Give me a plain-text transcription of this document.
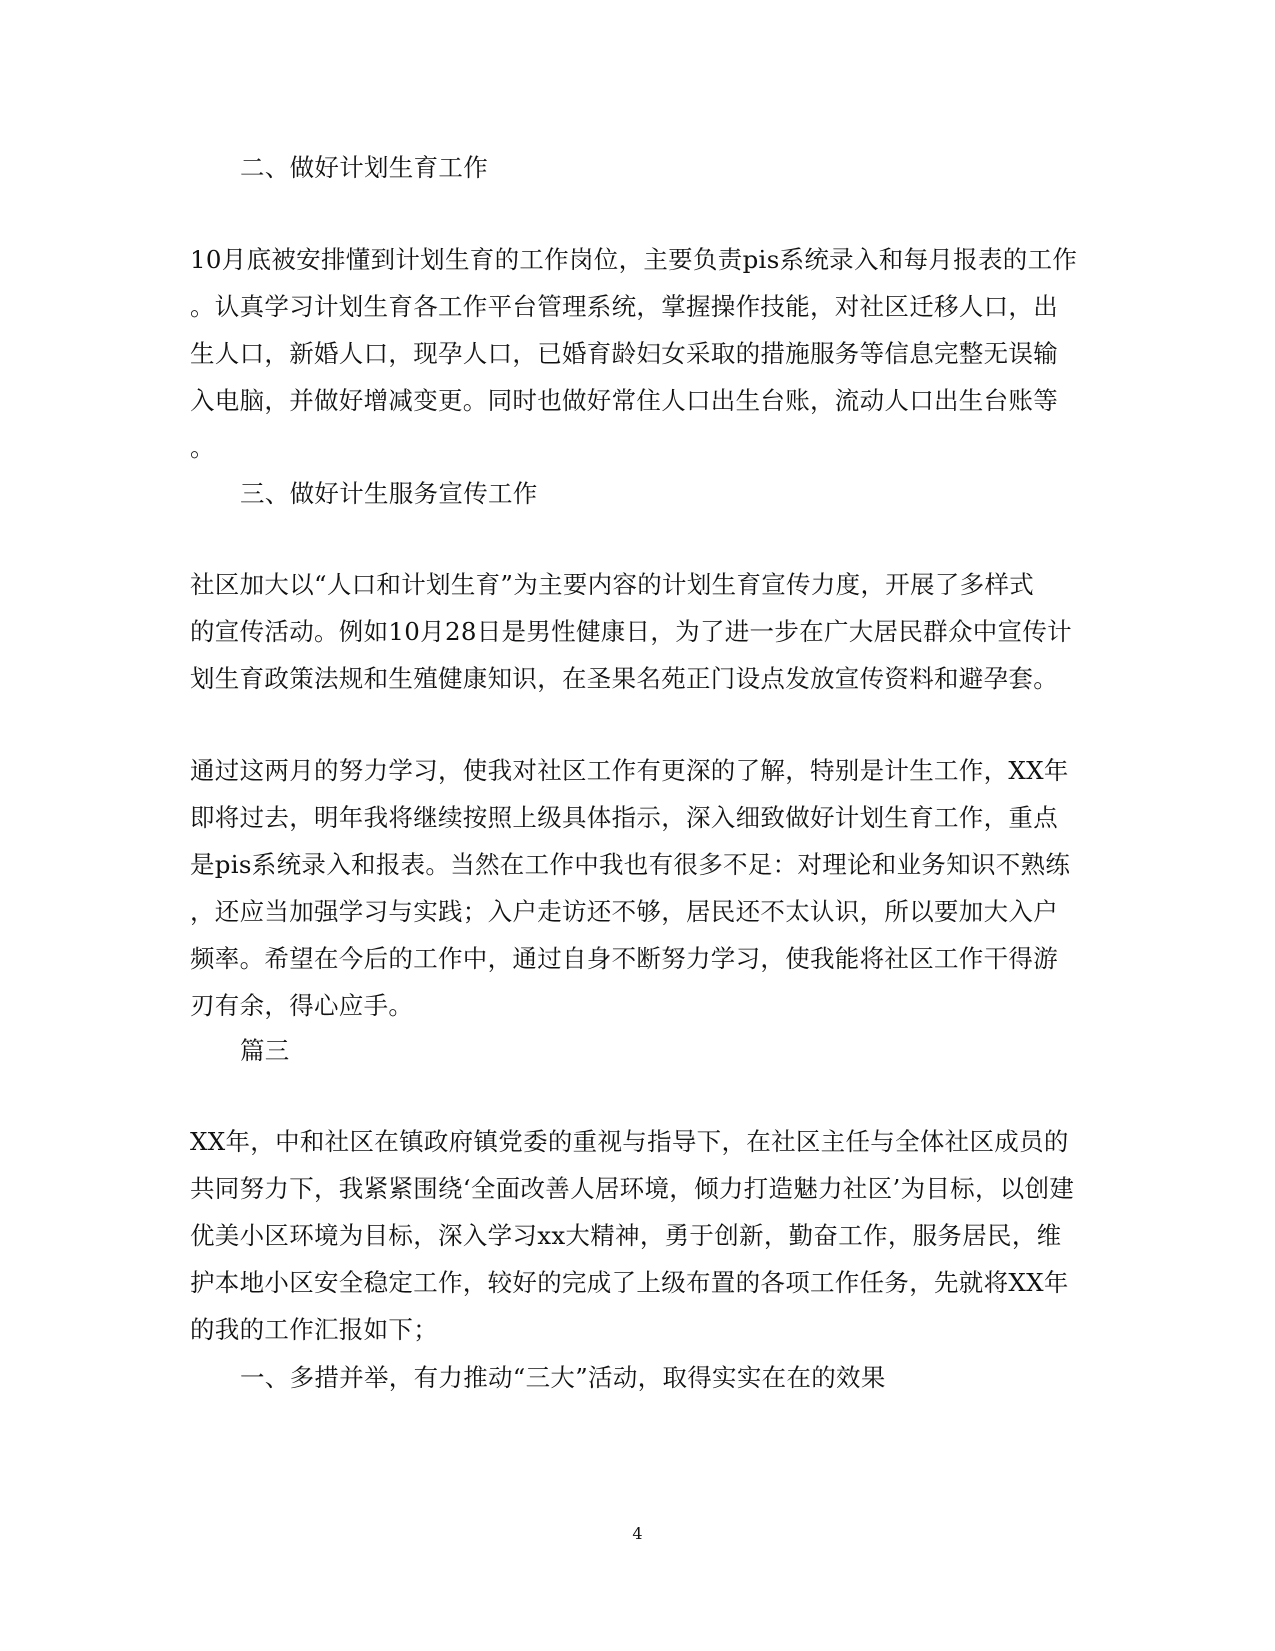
二、做好计划生育工作
10月底被安排懂到计划生育的工作岗位，主要负责pis系统录入和每月报表的工作
。认真学习计划生育各工作平台管理系统，掌握操作技能，对社区迁移人口，出
生人口，新婚人口，现孕人口，已婚育龄妇女采取的措施服务等信息完整无误输
入电脑，并做好增减变更。同时也做好常住人口出生台账，流动人口出生台账等
。
三、做好计生服务宣传工作
社区加大以“人口和计划生育”为主要内容的计划生育宣传力度，开展了多样式
的宣传活动。例如10月28日是男性健康日，为了进一步在广大居民群众中宣传计
划生育政策法规和生殖健康知识，在圣果名苑正门设点发放宣传资料和避孕套。
通过这两月的努力学习，使我对社区工作有更深的了解，特别是计生工作，XX年
即将过去，明年我将继续按照上级具体指示，深入细致做好计划生育工作，重点
是pis系统录入和报表。当然在工作中我也有很多不足：对理论和业务知识不熟练
，还应当加强学习与实践；入户走访还不够，居民还不太认识，所以要加大入户
频率。希望在今后的工作中，通过自身不断努力学习，使我能将社区工作干得游
刃有余，得心应手。
篇三
XX年，中和社区在镇政府镇党委的重视与指导下，在社区主任与全体社区成员的
共同努力下，我紧紧围绕‘全面改善人居环境，倾力打造魅力社区’为目标，以创建
优美小区环境为目标，深入学习xx大精神，勇于创新，勤奋工作，服务居民，维
护本地小区安全稳定工作，较好的完成了上级布置的各项工作任务，先就将XX年
的我的工作汇报如下；
一、多措并举，有力推动“三大”活动，取得实实在在的效果
4
